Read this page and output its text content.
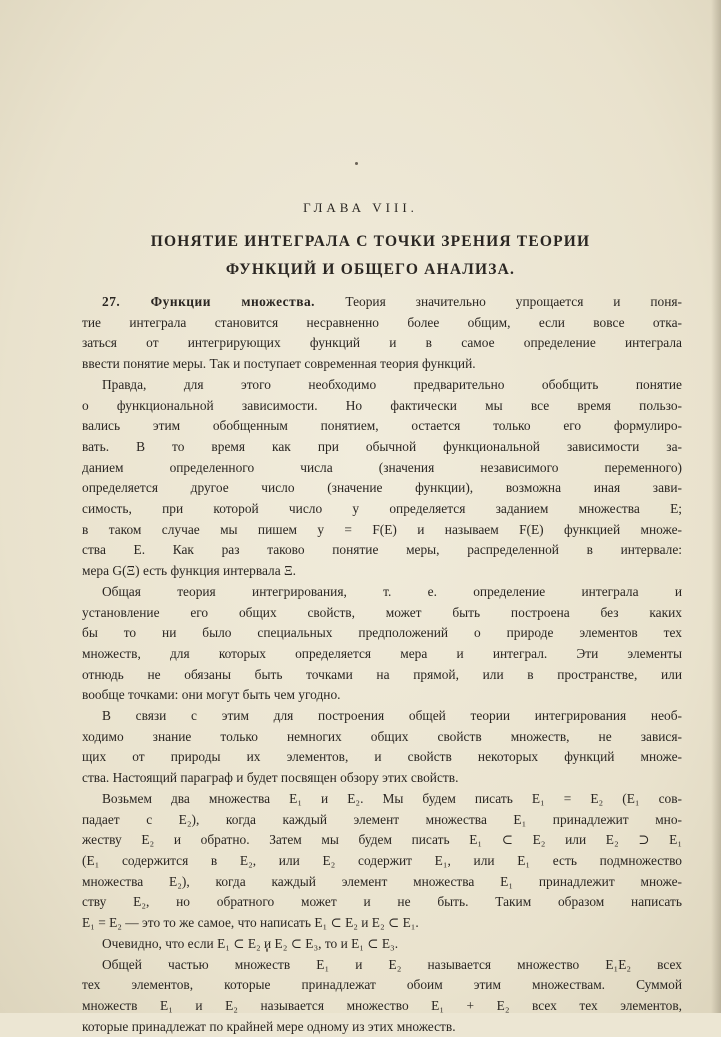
ГЛАВА VIII.
ПОНЯТИЕ ИНТЕГРАЛА С ТОЧКИ ЗРЕНИЯ ТЕОРИИ
ФУНКЦИЙ И ОБЩЕГО АНАЛИЗА.
27. Функции множества. Теория значительно упрощается и поня-
тие интеграла становится несравненно более общим, если вовсе отка-
заться от интегрирующих функций и в самое определение интеграла
ввести понятие меры. Так и поступает современная теория функций.
Правда, для этого необходимо предварительно обобщить понятие
о функциональной зависимости. Но фактически мы все время пользо-
вались этим обобщенным понятием, остается только его формулиро-
вать. В то время как при обычной функциональной зависимости за-
данием определенного числа (значения независимого переменного)
определяется другое число (значение функции), возможна иная зави-
симость, при которой число y определяется заданием множества E;
в таком случае мы пишем y = F(E) и называем F(E) функцией множе-
ства E. Как раз таково понятие меры, распределенной в интервале:
мера G(Ξ) есть функция интервала Ξ.
Общая теория интегрирования, т. е. определение интеграла и
установление его общих свойств, может быть построена без каких
бы то ни было специальных предположений о природе элементов тех
множеств, для которых определяется мера и интеграл. Эти элементы
отнюдь не обязаны быть точками на прямой, или в пространстве, или
вообще точками: они могут быть чем угодно.
В связи с этим для построения общей теории интегрирования необ-
ходимо знание только немногих общих свойств множеств, не завися-
щих от природы их элементов, и свойств некоторых функций множе-
ства. Настоящий параграф и будет посвящен обзору этих свойств.
Возьмем два множества E₁ и E₂. Мы будем писать E₁ = E₂ (E₁ сов-
падает с E₂), когда каждый элемент множества E₁ принадлежит мно-
жеству E₂ и обратно. Затем мы будем писать E₁ ⊂ E₂ или E₂ ⊃ E₁
(E₁ содержится в E₂, или E₂ содержит E₁, или E₁ есть подмножество
множества E₂), когда каждый элемент множества E₁ принадлежит множе-
ству E₂, но обратного может и не быть. Таким образом написать
E₁ = E₂ — это то же самое, что написать E₁ ⊂ E₂ и E₂ ⊂ E₁.
Очевидно, что если E₁ ⊂ E₂ и E₂ ⊂ E₃, то и E₁ ⊂ E₃.
Общей частью множеств E₁ и E₂ называется множество E₁E₂ всех
тех элементов, которые принадлежат обоим этим множествам. Суммой
множеств E₁ и E₂ называется множество E₁ + E₂ всех тех элементов,
которые принадлежат по крайней мере одному из этих множеств.
